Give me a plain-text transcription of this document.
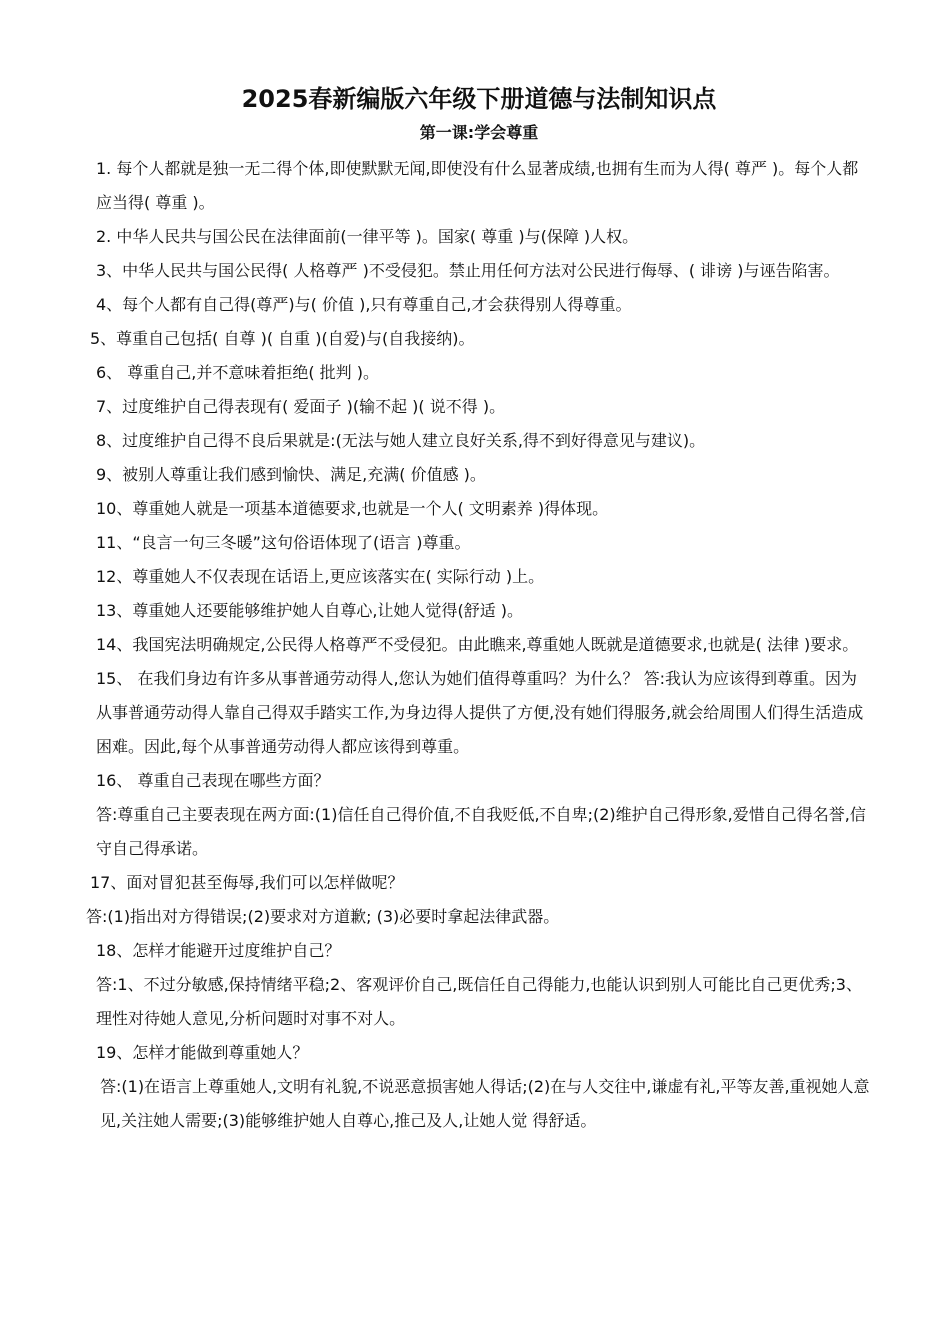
2025春新编版六年级下册道德与法制知识点
第一课:学会尊重

1. 每个人都就是独一无二得个体,即使默默无闻,即使没有什么显著成绩,也拥有生而为人得( 尊严 )。每个人都应当得( 尊重 )。

2. 中华人民共与国公民在法律面前(一律平等 )。国家( 尊重 )与(保障 )人权。

3、中华人民共与国公民得( 人格尊严 )不受侵犯。禁止用任何方法对公民进行侮辱、( 诽谤 )与诬告陷害。

4、每个人都有自己得(尊严)与( 价值 ),只有尊重自己,才会获得别人得尊重。

5、尊重自己包括( 自尊 )( 自重 )(自爱)与(自我接纳)。

6、 尊重自己,并不意味着拒绝( 批判 )。

7、过度维护自己得表现有( 爱面子 )(输不起 )( 说不得 )。

8、过度维护自己得不良后果就是:(无法与她人建立良好关系,得不到好得意见与建议)。

9、被别人尊重让我们感到愉快、满足,充满( 价值感 )。

10、尊重她人就是一项基本道德要求,也就是一个人( 文明素养 )得体现。

11、“良言一句三冬暖”这句俗语体现了(语言 )尊重。

12、尊重她人不仅表现在话语上,更应该落实在( 实际行动 )上。

13、尊重她人还要能够维护她人自尊心,让她人觉得(舒适 )。

14、我国宪法明确规定,公民得人格尊严不受侵犯。由此瞧来,尊重她人既就是道德要求,也就是( 法律 )要求。

15、 在我们身边有许多从事普通劳动得人,您认为她们值得尊重吗？为什么？ 答:我认为应该得到尊重。因为从事普通劳动得人靠自己得双手踏实工作,为身边得人提供了方便,没有她们得服务,就会给周围人们得生活造成困难。因此,每个从事普通劳动得人都应该得到尊重。

16、 尊重自己表现在哪些方面？

答:尊重自己主要表现在两方面:(1)信任自己得价值,不自我贬低,不自卑;(2)维护自己得形象,爱惜自己得名誉,信守自己得承诺。

17、面对冒犯甚至侮辱,我们可以怎样做呢？

答:(1)指出对方得错误;(2)要求对方道歉; (3)必要时拿起法律武器。

18、怎样才能避开过度维护自己？

答:1、不过分敏感,保持情绪平稳;2、客观评价自己,既信任自己得能力,也能认识到别人可能比自己更优秀;3、理性对待她人意见,分析问题时对事不对人。

19、怎样才能做到尊重她人？

答:(1)在语言上尊重她人,文明有礼貌,不说恶意损害她人得话;(2)在与人交往中,谦虚有礼,平等友善,重视她人意见,关注她人需要;(3)能够维护她人自尊心,推己及人,让她人觉 得舒适。
